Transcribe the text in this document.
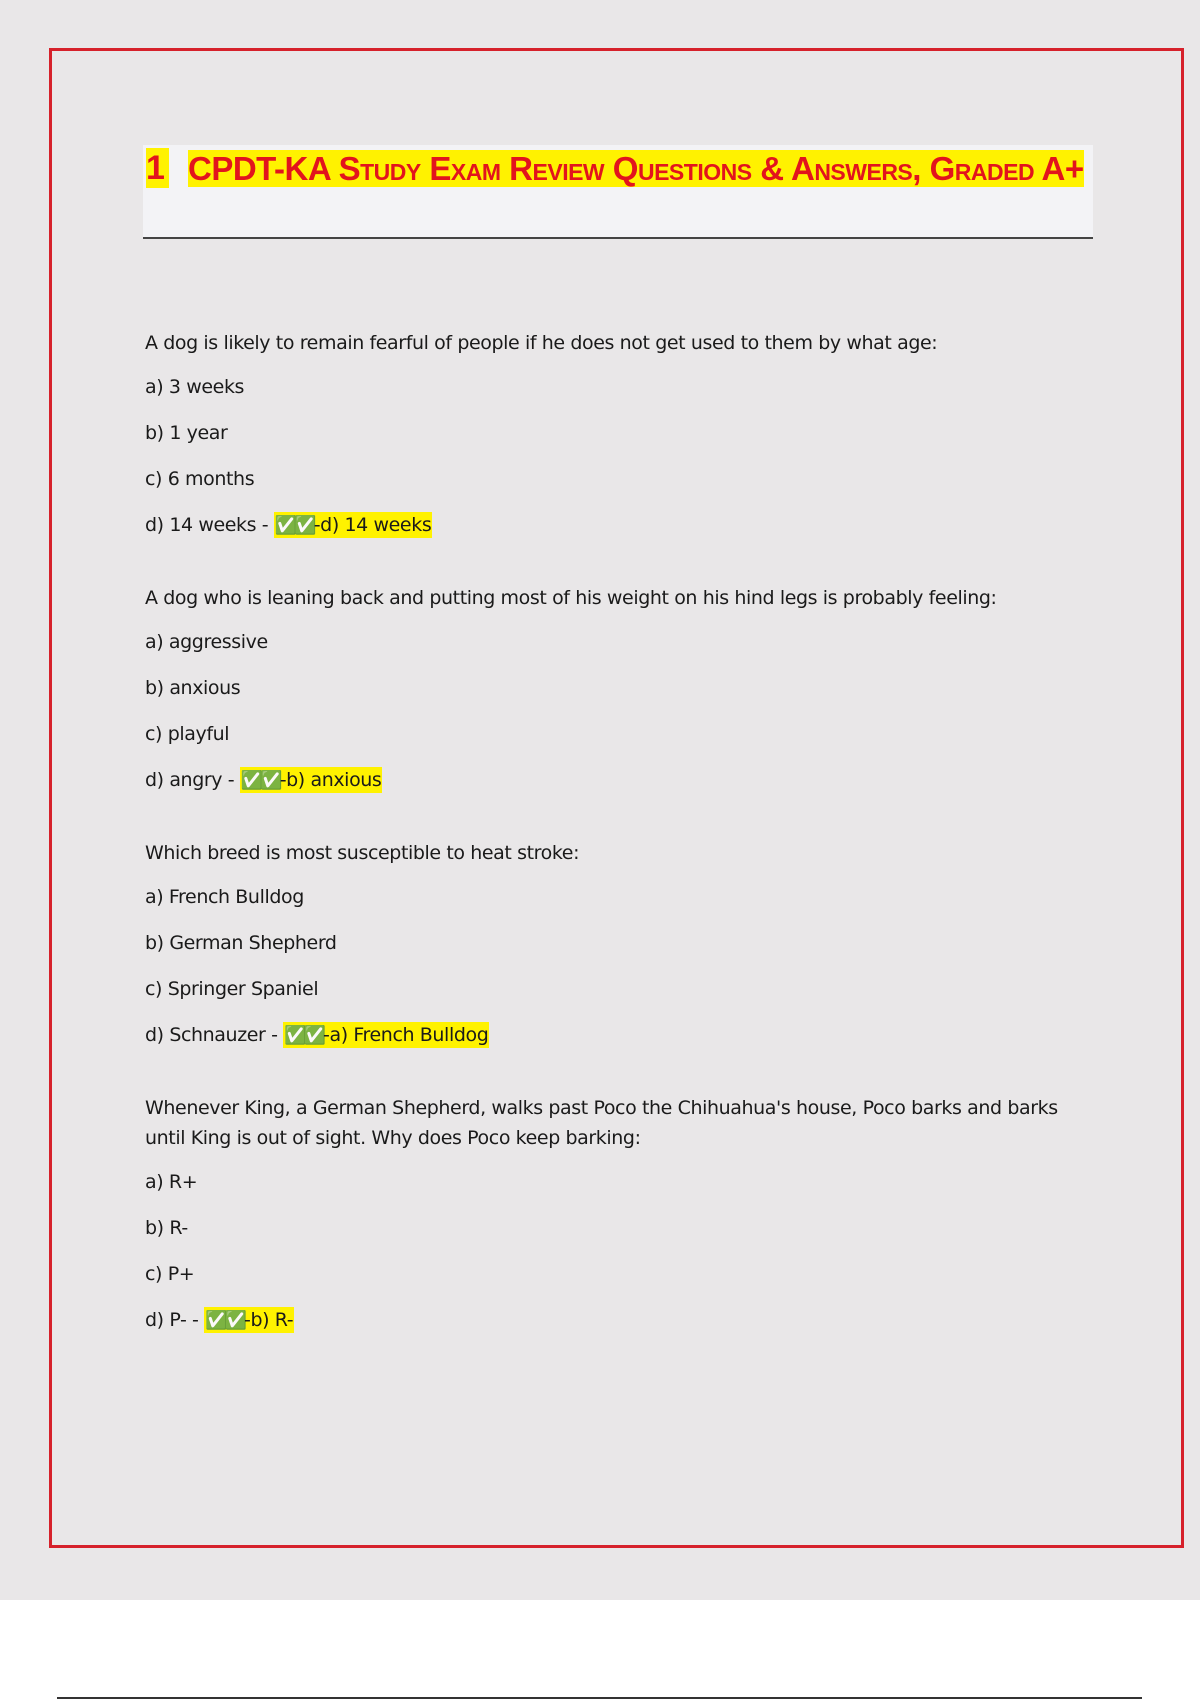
1 CPDT-KA Study Exam Review Questions & Answers, Graded A+

A dog is likely to remain fearful of people if he does not get used to them by what age:

a) 3 weeks
b) 1 year
c) 6 months
d) 14 weeks - ✅✅-d) 14 weeks

A dog who is leaning back and putting most of his weight on his hind legs is probably feeling:

a) aggressive
b) anxious
c) playful
d) angry - ✅✅-b) anxious

Which breed is most susceptible to heat stroke:

a) French Bulldog
b) German Shepherd
c) Springer Spaniel
d) Schnauzer - ✅✅-a) French Bulldog

Whenever King, a German Shepherd, walks past Poco the Chihuahua's house, Poco barks and barks until King is out of sight. Why does Poco keep barking:

a) R+
b) R-
c) P+
d) P- - ✅✅-b) R-
